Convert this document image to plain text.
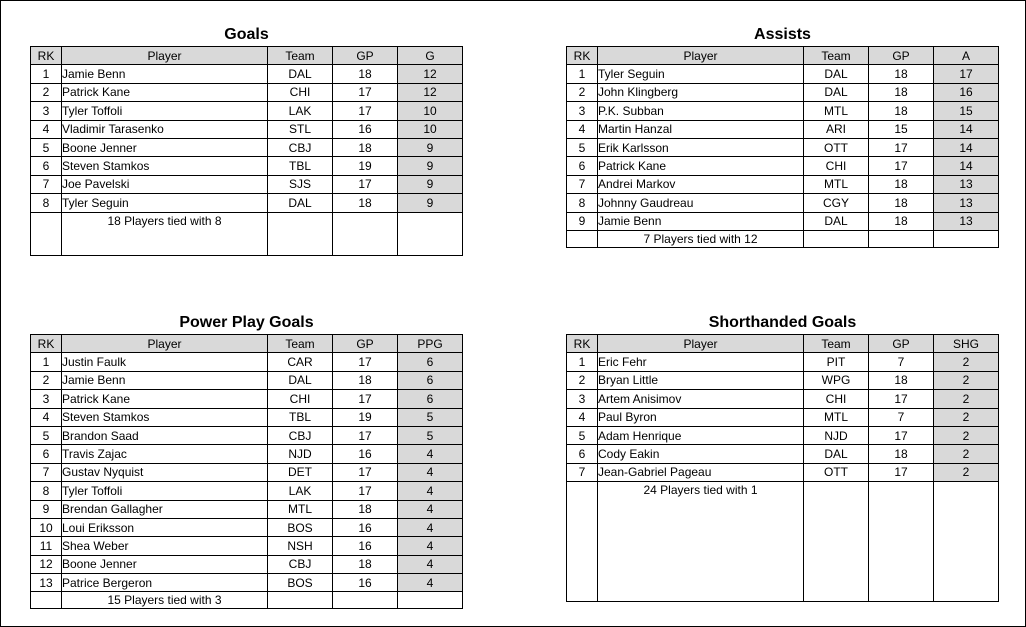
Goals
RK	Player	Team	GP	G
1	Jamie Benn	DAL	18	12
2	Patrick Kane	CHI	17	12
3	Tyler Toffoli	LAK	17	10
4	Vladimir Tarasenko	STL	16	10
5	Boone Jenner	CBJ	18	9
6	Steven Stamkos	TBL	19	9
7	Joe Pavelski	SJS	17	9
8	Tyler Seguin	DAL	18	9
	18 Players tied with 8			
Assists
RK	Player	Team	GP	A
1	Tyler Seguin	DAL	18	17
2	John Klingberg	DAL	18	16
3	P.K. Subban	MTL	18	15
4	Martin Hanzal	ARI	15	14
5	Erik Karlsson	OTT	17	14
6	Patrick Kane	CHI	17	14
7	Andrei Markov	MTL	18	13
8	Johnny Gaudreau	CGY	18	13
9	Jamie Benn	DAL	18	13
	7 Players tied with 12			
Power Play Goals
RK	Player	Team	GP	PPG
1	Justin Faulk	CAR	17	6
2	Jamie Benn	DAL	18	6
3	Patrick Kane	CHI	17	6
4	Steven Stamkos	TBL	19	5
5	Brandon Saad	CBJ	17	5
6	Travis Zajac	NJD	16	4
7	Gustav Nyquist	DET	17	4
8	Tyler Toffoli	LAK	17	4
9	Brendan Gallagher	MTL	18	4
10	Loui Eriksson	BOS	16	4
11	Shea Weber	NSH	16	4
12	Boone Jenner	CBJ	18	4
13	Patrice Bergeron	BOS	16	4
	15 Players tied with 3			
Shorthanded Goals
RK	Player	Team	GP	SHG
1	Eric Fehr	PIT	7	2
2	Bryan Little	WPG	18	2
3	Artem Anisimov	CHI	17	2
4	Paul Byron	MTL	7	2
5	Adam Henrique	NJD	17	2
6	Cody Eakin	DAL	18	2
7	Jean-Gabriel Pageau	OTT	17	2
	24 Players tied with 1			
